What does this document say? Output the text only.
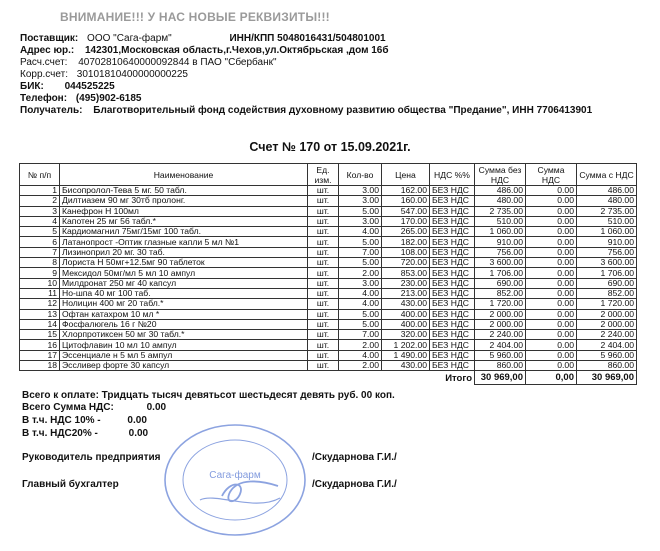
ВНИМАНИЕ!!! У НАС НОВЫЕ РЕКВИЗИТЫ!!!
Поставщик: ООО "Сага-фарм"	ИНН/КПП 5048016431/504801001
Адрес юр.: 142301,Московская область,г.Чехов,ул.Октябрьская ,дом 16б
Расч.счет: 40702810640000092844 в ПАО "Сбербанк"
Корр.счет: 30101810400000000225
БИК: 044525225
Телефон: (495)902-6185
Получатель: Благотворительный фонд содействия духовному развитию общества "Предание", ИНН 7706413901
Счет № 170 от 15.09.2021г.
№ п/п	Наименование	Ед. изм.	Кол-во	Цена	НДС %%	Сумма без НДС	Сумма НДС	Сумма с НДС
1	Бисопролол-Тева 5 мг. 50 табл.	шт.	3.00	162.00	БЕЗ НДС	486.00	0.00	486.00
2	Дилтиазем 90 мг 30тб пролонг.	шт.	3.00	160.00	БЕЗ НДС	480.00	0.00	480.00
3	Канефрон Н 100мл	шт.	5.00	547.00	БЕЗ НДС	2 735.00	0.00	2 735.00
4	Капотен 25 мг 56 табл.*	шт.	3.00	170.00	БЕЗ НДС	510.00	0.00	510.00
5	Кардиомагнил 75мг/15мг 100 табл.	шт.	4.00	265.00	БЕЗ НДС	1 060.00	0.00	1 060.00
6	Латанопрост -Оптик глазные капли 5 мл №1	шт.	5.00	182.00	БЕЗ НДС	910.00	0.00	910.00
7	Лизиноприл 20 мг. 30 таб.	шт.	7.00	108.00	БЕЗ НДС	756.00	0.00	756.00
8	Лориста Н 50мг+12.5мг 90 таблеток	шт.	5.00	720.00	БЕЗ НДС	3 600.00	0.00	3 600.00
9	Мексидол 50мг/мл 5 мл 10 ампул	шт.	2.00	853.00	БЕЗ НДС	1 706.00	0.00	1 706.00
10	Милдронат 250 мг 40 капсул	шт.	3.00	230.00	БЕЗ НДС	690.00	0.00	690.00
11	Но-шпа 40 мг 100 таб.	шт.	4.00	213.00	БЕЗ НДС	852.00	0.00	852.00
12	Нолицин 400 мг 20 табл.*	шт.	4.00	430.00	БЕЗ НДС	1 720.00	0.00	1 720.00
13	Офтан катахром 10 мл *	шт.	5.00	400.00	БЕЗ НДС	2 000.00	0.00	2 000.00
14	Фосфалюгель 16 г №20	шт.	5.00	400.00	БЕЗ НДС	2 000.00	0.00	2 000.00
15	Хлорпротиксен 50 мг 30 табл.*	шт.	7.00	320.00	БЕЗ НДС	2 240.00	0.00	2 240.00
16	Цитофлавин 10 мл 10 ампул	шт.	2.00	1 202.00	БЕЗ НДС	2 404.00	0.00	2 404.00
17	Эссенциале н 5 мл 5 ампул	шт.	4.00	1 490.00	БЕЗ НДС	5 960.00	0.00	5 960.00
18	Эссливер форте 30 капсул	шт.	2.00	430.00	БЕЗ НДС	860.00	0.00	860.00
					Итого	30 969,00	0,00	30 969,00
Всего к оплате: Тридцать тысяч девятьсот шестьдесят девять руб. 00 коп.
Всего Сумма НДС:	0.00
В т.ч. НДС 10% -	0.00
В т.ч. НДС20% -	0.00
Руководитель предприятия	/Скударнова Г.И./
Главный бухгалтер	/Скударнова Г.И./
Сага-фарм
